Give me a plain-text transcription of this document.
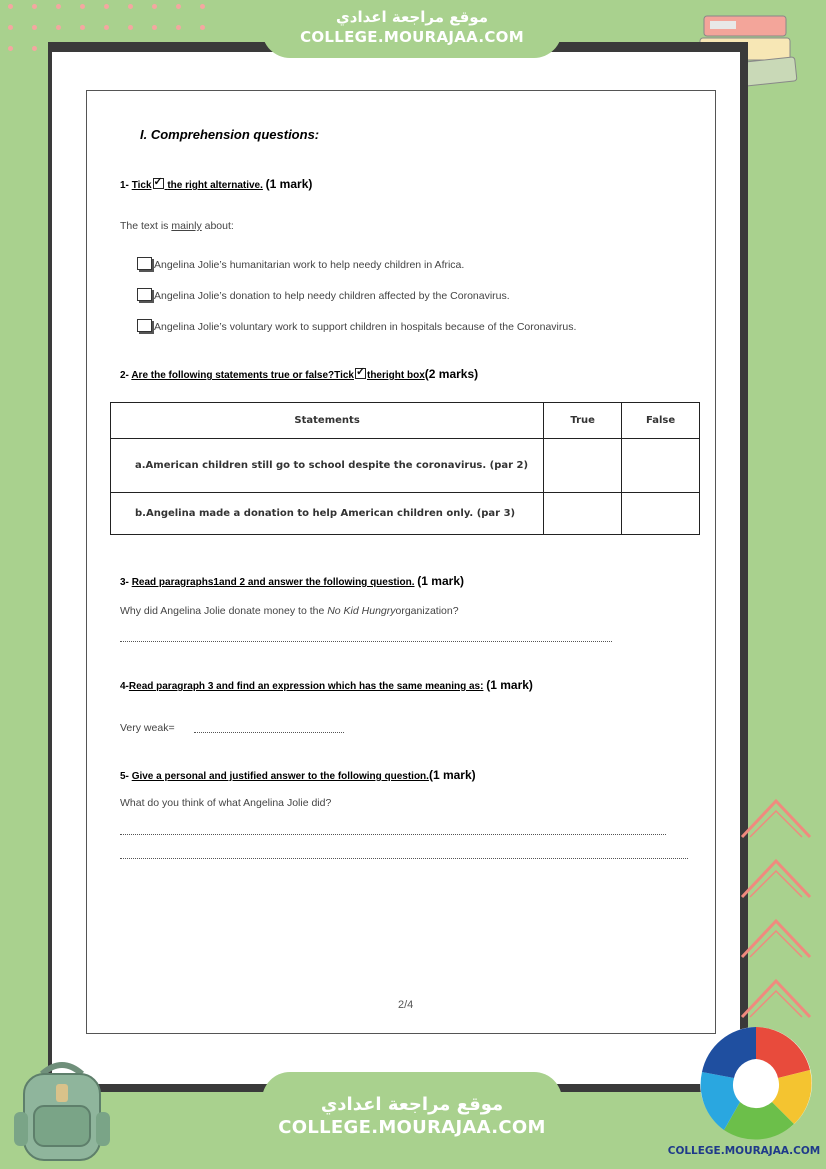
موقع مراجعة اعدادي
COLLEGE.MOURAJAA.COM
I. Comprehension questions:
1- Tick ✓ the right alternative. (1 mark)
The text is mainly about:
Angelina Jolie’s humanitarian work to help needy children in Africa.
Angelina Jolie’s donation to help needy children affected by the Coronavirus.
Angelina Jolie’s voluntary work to support children in hospitals because of the Coronavirus.
2- Are the following statements true or false?Tick ✓ theright box(2 marks)
Statements	True	False
a.American children still go to school despite the coronavirus. (par 2)		
b.Angelina made a donation to help American children only. (par 3)		
3- Read paragraphs1and 2 and answer the following question. (1 mark)
Why did Angelina Jolie donate money to the No Kid Hungryorganization?
4-Read paragraph 3 and find an expression which has the same meaning as: (1 mark)
Very weak=
5- Give a personal and justified answer to the following question.(1 mark)
What do you think of what Angelina Jolie did?
2/4
موقع مراجعة اعدادي
COLLEGE.MOURAJAA.COM
COLLEGE.MOURAJAA.COM
